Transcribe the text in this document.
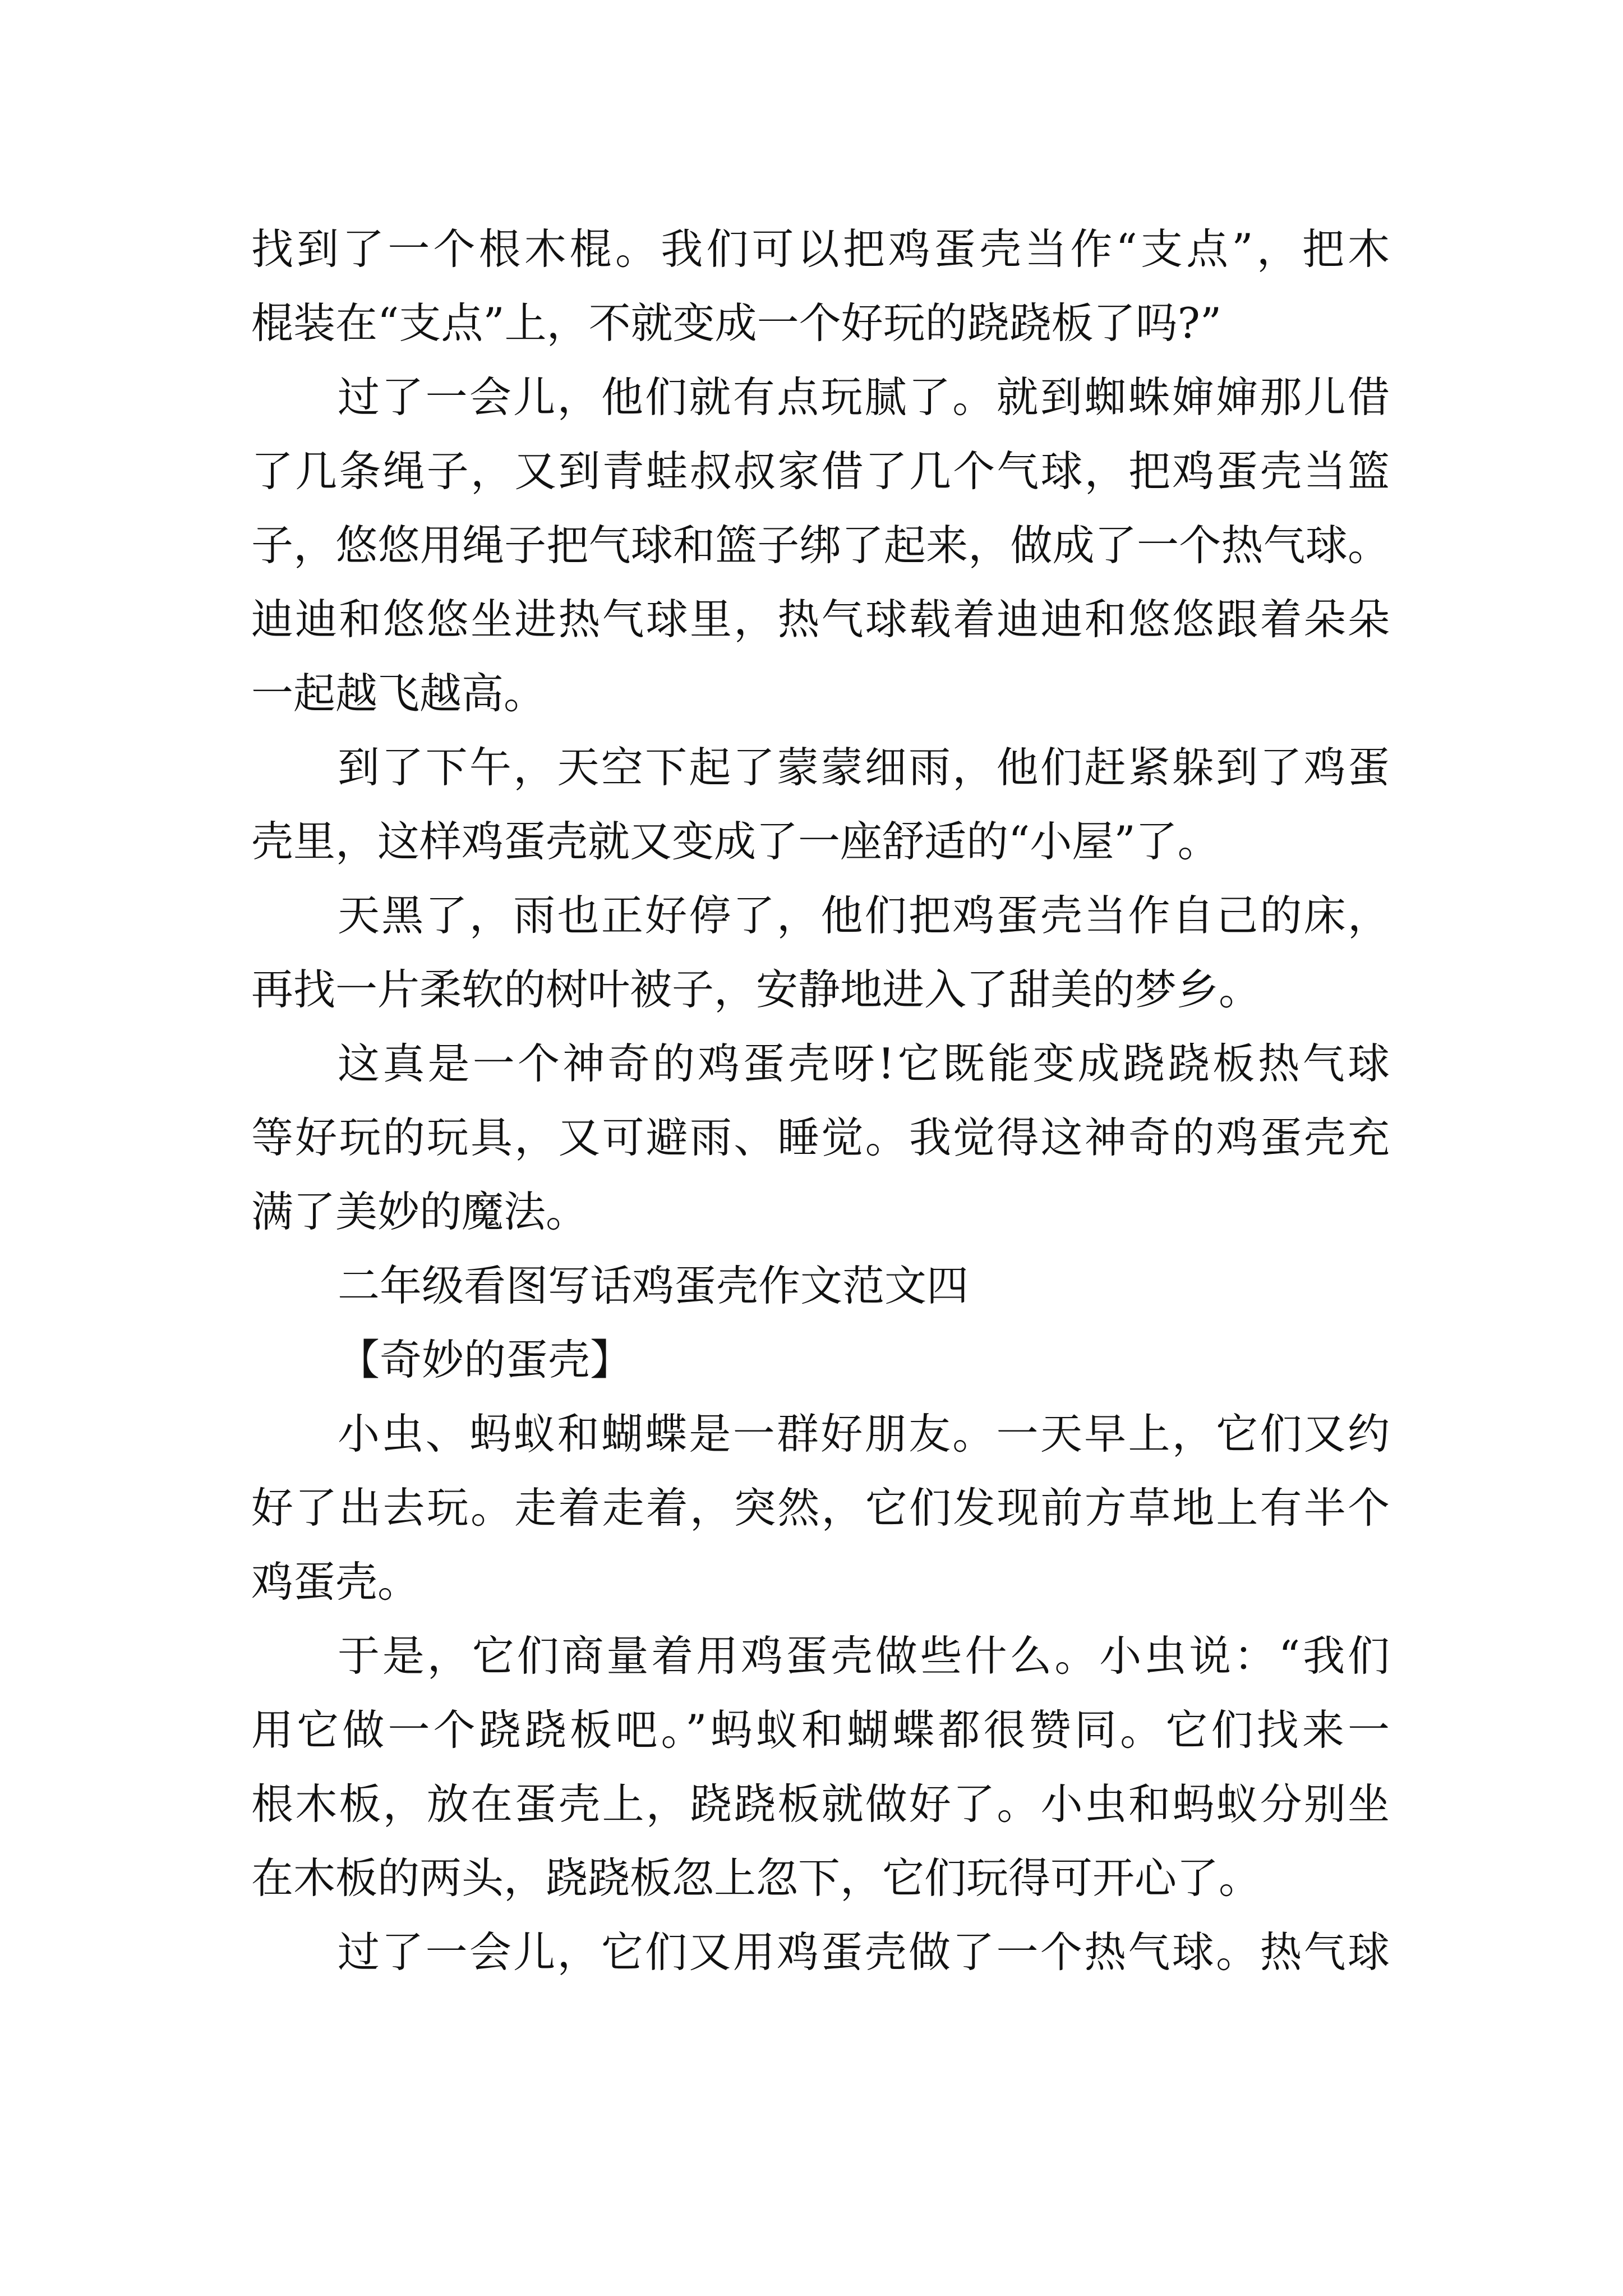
找到了一个根木棍。我们可以把鸡蛋壳当作“支点”，把木
棍装在“支点”上，不就变成一个好玩的跷跷板了吗?”
过了一会儿，他们就有点玩腻了。就到蜘蛛婶婶那儿借
了几条绳子，又到青蛙叔叔家借了几个气球，把鸡蛋壳当篮
子，悠悠用绳子把气球和篮子绑了起来，做成了一个热气球。
迪迪和悠悠坐进热气球里，热气球载着迪迪和悠悠跟着朵朵
一起越飞越高。
到了下午，天空下起了蒙蒙细雨，他们赶紧躲到了鸡蛋
壳里，这样鸡蛋壳就又变成了一座舒适的“小屋”了。
天黑了，雨也正好停了，他们把鸡蛋壳当作自己的床，
再找一片柔软的树叶被子，安静地进入了甜美的梦乡。
这真是一个神奇的鸡蛋壳呀!它既能变成跷跷板热气球
等好玩的玩具，又可避雨、睡觉。我觉得这神奇的鸡蛋壳充
满了美妙的魔法。
二年级看图写话鸡蛋壳作文范文四
【奇妙的蛋壳】
小虫、蚂蚁和蝴蝶是一群好朋友。一天早上，它们又约
好了出去玩。走着走着，突然，它们发现前方草地上有半个
鸡蛋壳。
于是，它们商量着用鸡蛋壳做些什么。小虫说：“我们
用它做一个跷跷板吧。”蚂蚁和蝴蝶都很赞同。它们找来一
根木板，放在蛋壳上，跷跷板就做好了。小虫和蚂蚁分别坐
在木板的两头，跷跷板忽上忽下，它们玩得可开心了。
过了一会儿，它们又用鸡蛋壳做了一个热气球。热气球
